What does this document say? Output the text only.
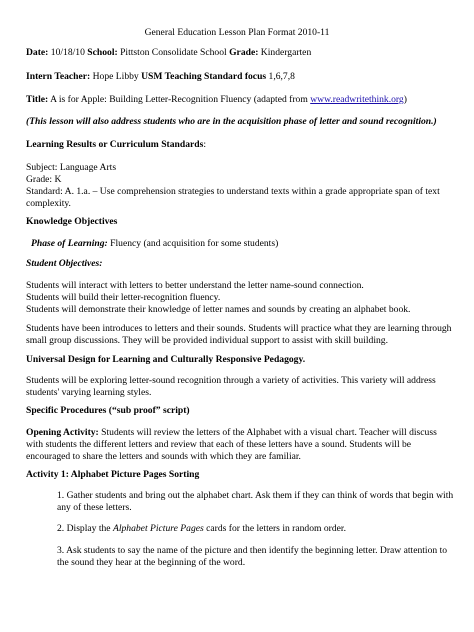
General Education Lesson Plan Format 2010-11
Date: 10/18/10 School: Pittston Consolidate School Grade: Kindergarten
Intern Teacher: Hope Libby USM Teaching Standard focus 1,6,7,8
Title: A is for Apple: Building Letter-Recognition Fluency (adapted from www.readwritethink.org)
(This lesson will also address students who are in the acquisition phase of letter and sound recognition.)
Learning Results or Curriculum Standards:
Subject: Language Arts
Grade: K
Standard: A. 1.a. – Use comprehension strategies to understand texts within a grade appropriate span of text
complexity.
Knowledge Objectives
Phase of Learning: Fluency (and acquisition for some students)
Student Objectives:
Students will interact with letters to better understand the letter name-sound connection.
Students will build their letter-recognition fluency.
Students will demonstrate their knowledge of letter names and sounds by creating an alphabet book.
Students have been introduces to letters and their sounds. Students will practice what they are learning through
small group discussions. They will be provided individual support to assist with skill building.
Universal Design for Learning and Culturally Responsive Pedagogy.
Students will be exploring letter-sound recognition through a variety of activities. This variety will address
students' varying learning styles.
Specific Procedures (“sub proof” script)
Opening Activity: Students will review the letters of the Alphabet with a visual chart. Teacher will discuss
with students the different letters and review that each of these letters have a sound. Students will be
encouraged to share the letters and sounds with which they are familiar.
Activity 1: Alphabet Picture Pages Sorting
1. Gather students and bring out the alphabet chart. Ask them if they can think of words that begin with
any of these letters.
2. Display the Alphabet Picture Pages cards for the letters in random order.
3. Ask students to say the name of the picture and then identify the beginning letter. Draw attention to
the sound they hear at the beginning of the word.
